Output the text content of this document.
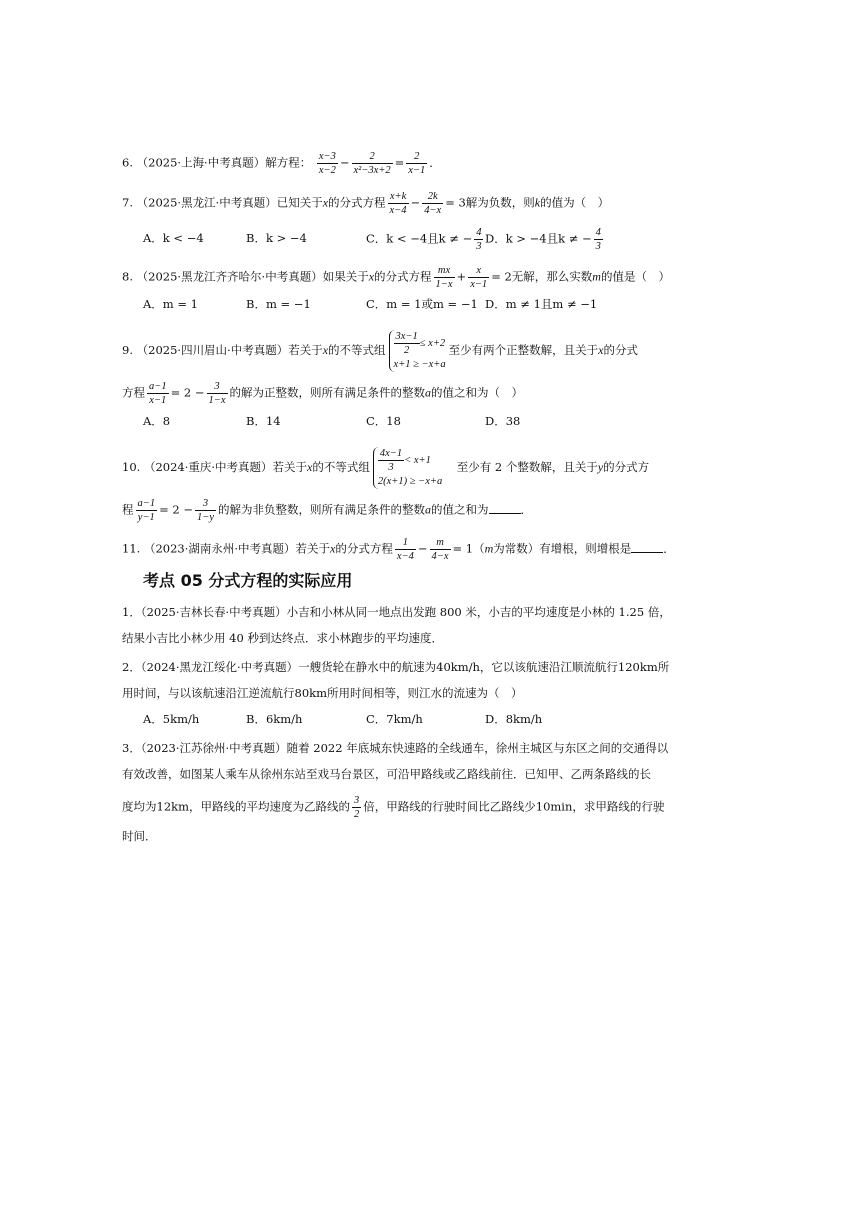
6. （2025·上海·中考真题）解方程： $\frac{x-3}{x-2} - \frac{2}{\text{x²−3x+2}} = \frac{2}{x-1}$ ．
7. （2025·黑龙江·中考真题）已知关于x的分式方程 $\frac{x+k}{x-4} - \frac{2k}{4-x} = 3$解为负数，则k的值为（　）
A．k < −4	B．k > −4	C．k < −4且k ≠ − $\frac{4}{3}$ D．k > −4且k ≠ − $\frac{4}{3}$
8. （2025·黑龙江齐齐哈尔·中考真题）如果关于x的分式方程 $\frac{mx}{1-x} + \frac{x}{x-1} = 2$无解，那么实数m的值是（　）
A．m = 1	B．m = −1	C．m = 1或m = −1 D．m ≠ 1且m ≠ −1
9. （2025·四川眉山·中考真题）若关于x的不等式组 $\frac{3x-1}{2} \le x+2$
x+1 ≥ −x+a
至少有两个正整数解，且关于x的分式
方程 $\frac{a-1}{x-1} = 2 - \frac{3}{1-x}$ 的解为正整数，则所有满足条件的整数a的值之和为（　）
A．8	B．14	C．18	D．38
10. （2024·重庆·中考真题）若关于x的不等式组 $\frac{4x-1}{3} < x+1$
2(x+1) ≥ −x+a
　至少有 2 个整数解，且关于y的分式方
程 $\frac{a-1}{y-1} = 2 - \frac{3}{1-y}$ 的解为非负整数，则所有满足条件的整数a的值之和为	．
11. （2023·湖南永州·中考真题）若关于x的分式方程 $\frac{1}{x-4} - \frac{m}{4-x} = 1(m$为常数）有增根，则增根是	．
考点 05 分式方程的实际应用
1．（2025·吉林长春·中考真题）小吉和小林从同一地点出发跑 800 米，小吉的平均速度是小林的 1.25 倍，
结果小吉比小林少用 40 秒到达终点．求小林跑步的平均速度．
2．（2024·黑龙江绥化·中考真题）一艘货轮在静水中的航速为40km/h，它以该航速沿江顺流航行120km所
用时间，与以该航速沿江逆流航行80km所用时间相等，则江水的流速为（　）
A．5km/h	B．6km/h	C．7km/h	D．8km/h
3．（2023·江苏徐州·中考真题）随着 2022 年底城东快速路的全线通车，徐州主城区与东区之间的交通得以
有效改善，如图某人乘车从徐州东站至戏马台景区，可沿甲路线或乙路线前往．已知甲、乙两条路线的长
度均为12km，甲路线的平均速度为乙路线的 $\frac{3}{2}$ 倍，甲路线的行驶时间比乙路线少10min，求甲路线的行驶
时间．
